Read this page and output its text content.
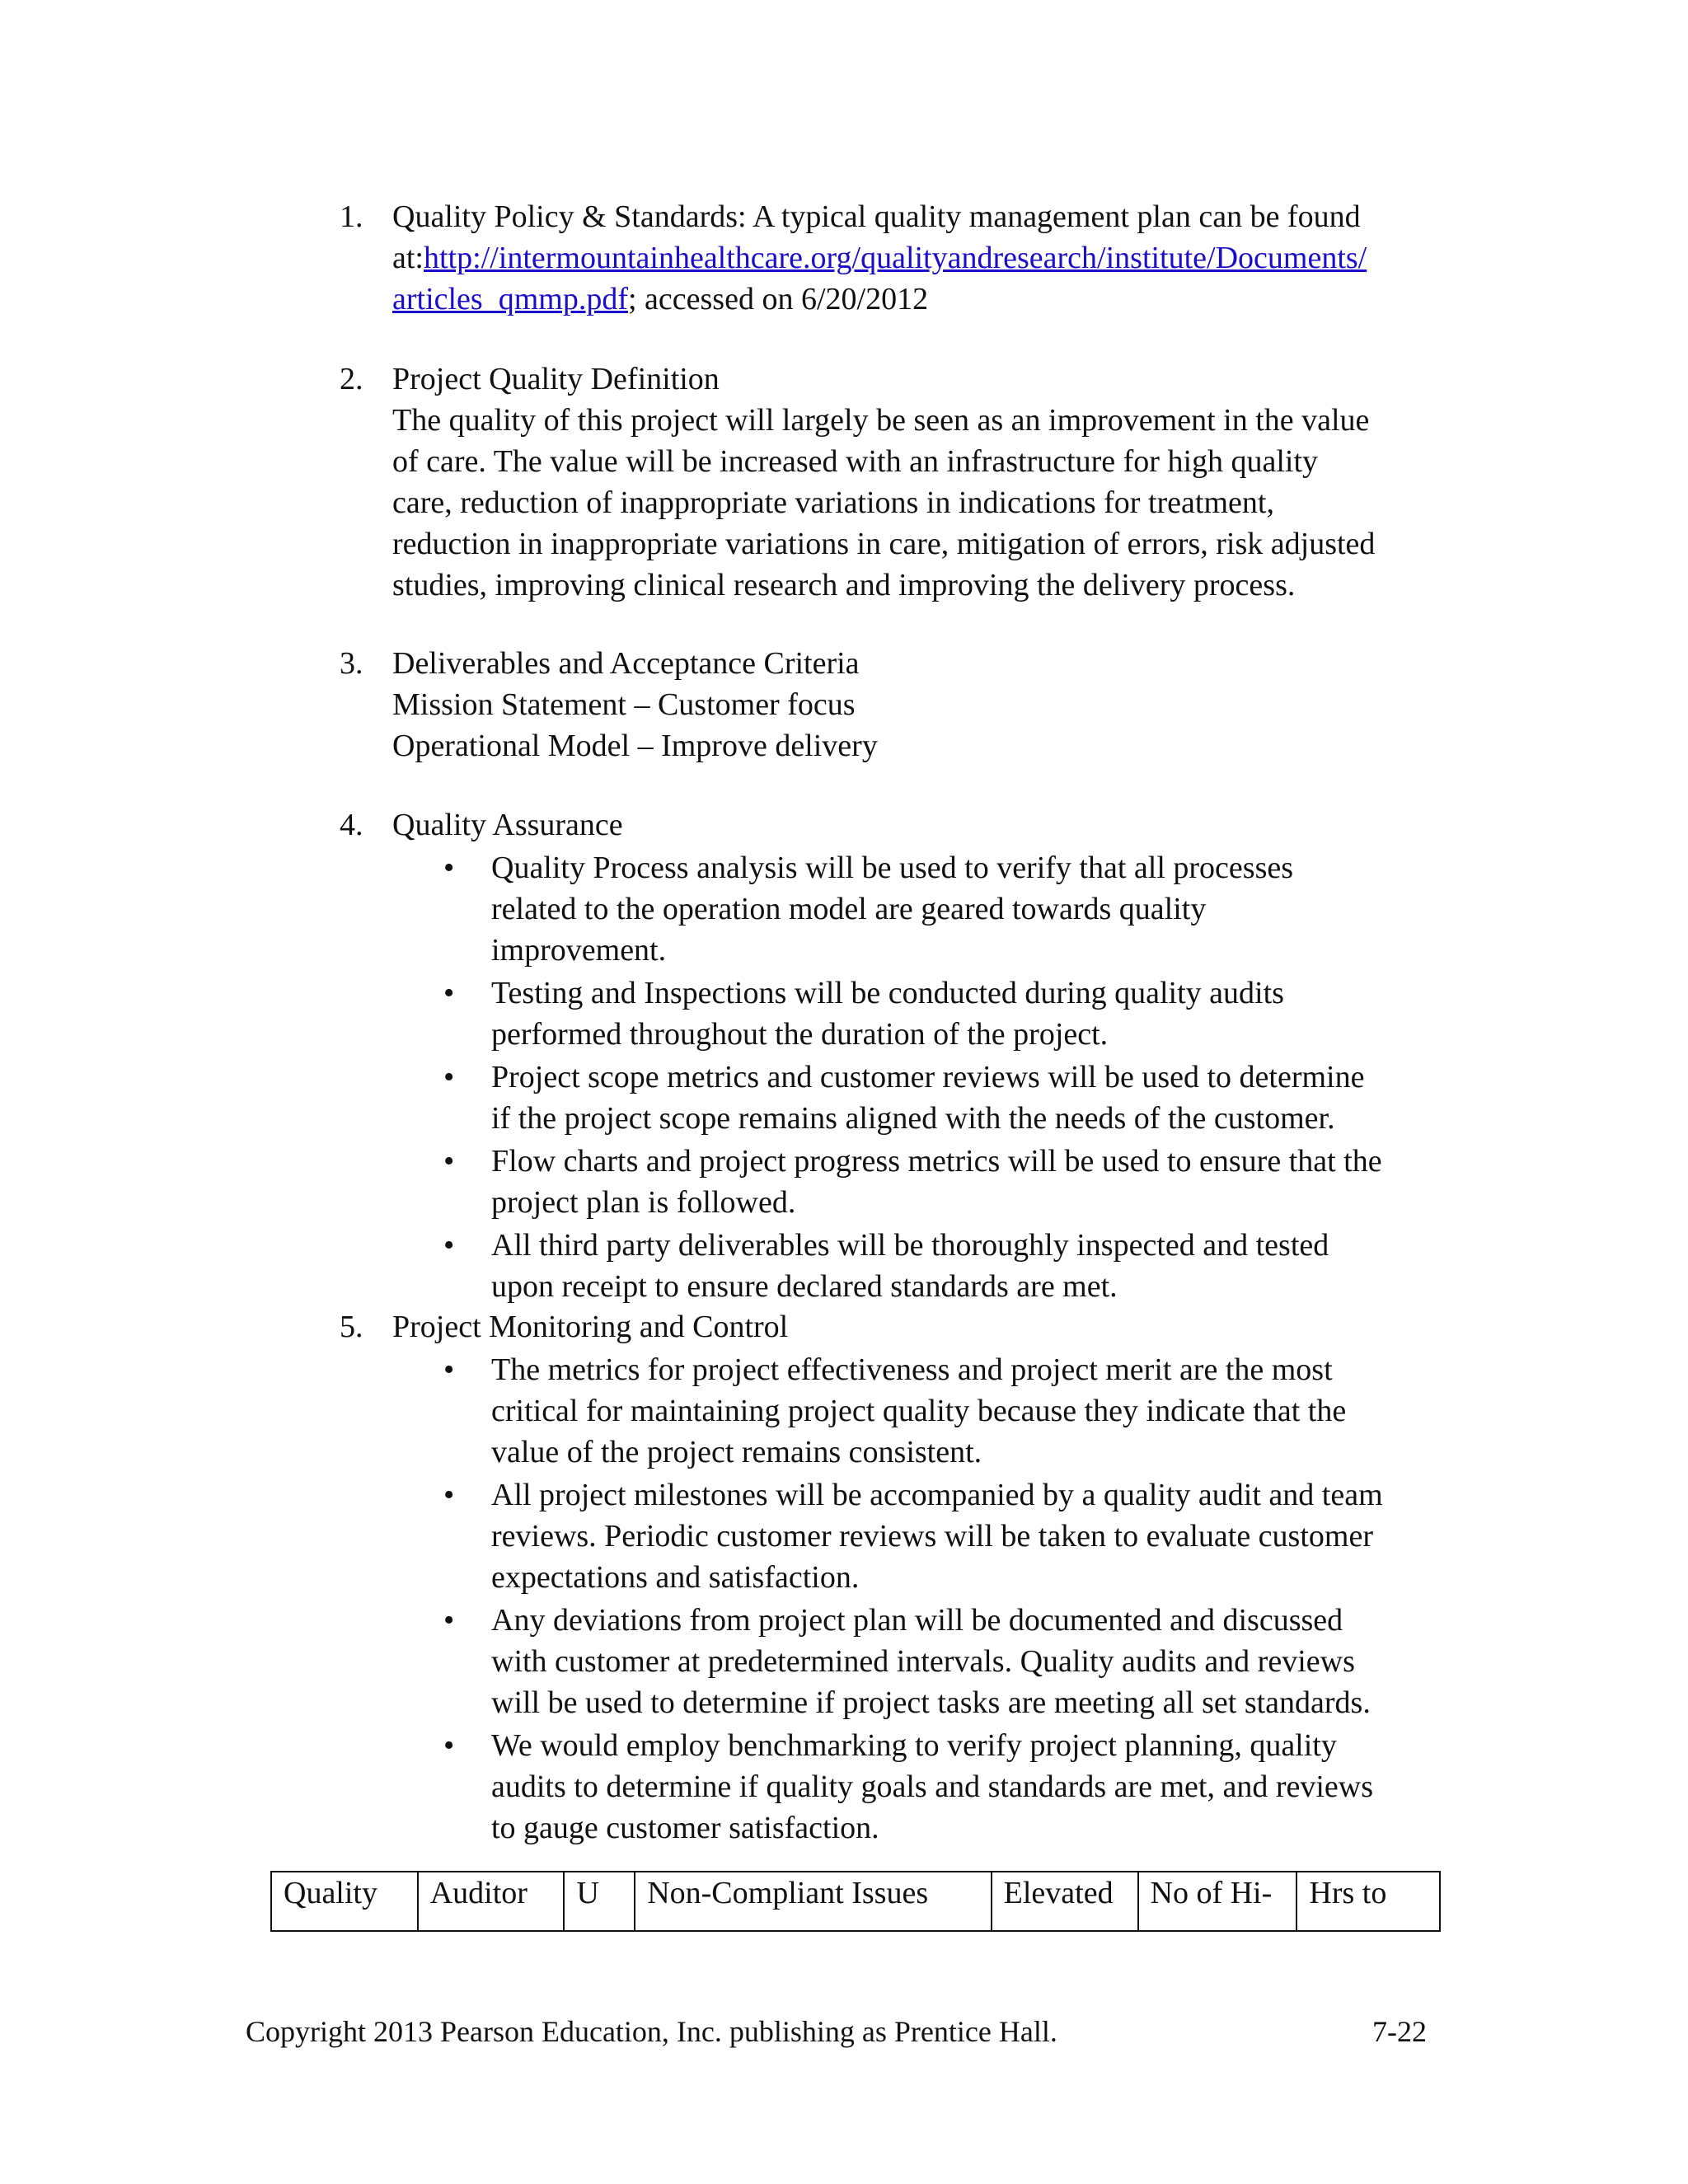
1. Quality Policy & Standards: A typical quality management plan can be found
at:http://intermountainhealthcare.org/qualityandresearch/institute/Documents/
articles_qmmp.pdf; accessed on 6/20/2012
2. Project Quality Definition
The quality of this project will largely be seen as an improvement in the value
of care. The value will be increased with an infrastructure for high quality
care, reduction of inappropriate variations in indications for treatment,
reduction in inappropriate variations in care, mitigation of errors, risk adjusted
studies, improving clinical research and improving the delivery process.
3. Deliverables and Acceptance Criteria
Mission Statement – Customer focus
Operational Model – Improve delivery
4. Quality Assurance
• Quality Process analysis will be used to verify that all processes
related to the operation model are geared towards quality
improvement.
• Testing and Inspections will be conducted during quality audits
performed throughout the duration of the project.
• Project scope metrics and customer reviews will be used to determine
if the project scope remains aligned with the needs of the customer.
• Flow charts and project progress metrics will be used to ensure that the
project plan is followed.
• All third party deliverables will be thoroughly inspected and tested
upon receipt to ensure declared standards are met.
5. Project Monitoring and Control
• The metrics for project effectiveness and project merit are the most
critical for maintaining project quality because they indicate that the
value of the project remains consistent.
• All project milestones will be accompanied by a quality audit and team
reviews. Periodic customer reviews will be taken to evaluate customer
expectations and satisfaction.
• Any deviations from project plan will be documented and discussed
with customer at predetermined intervals. Quality audits and reviews
will be used to determine if project tasks are meeting all set standards.
• We would employ benchmarking to verify project planning, quality
audits to determine if quality goals and standards are met, and reviews
to gauge customer satisfaction.
Quality	Auditor	U	Non-Compliant Issues	Elevated	No of Hi-	Hrs to
Copyright 2013 Pearson Education, Inc. publishing as Prentice Hall.	7-22
